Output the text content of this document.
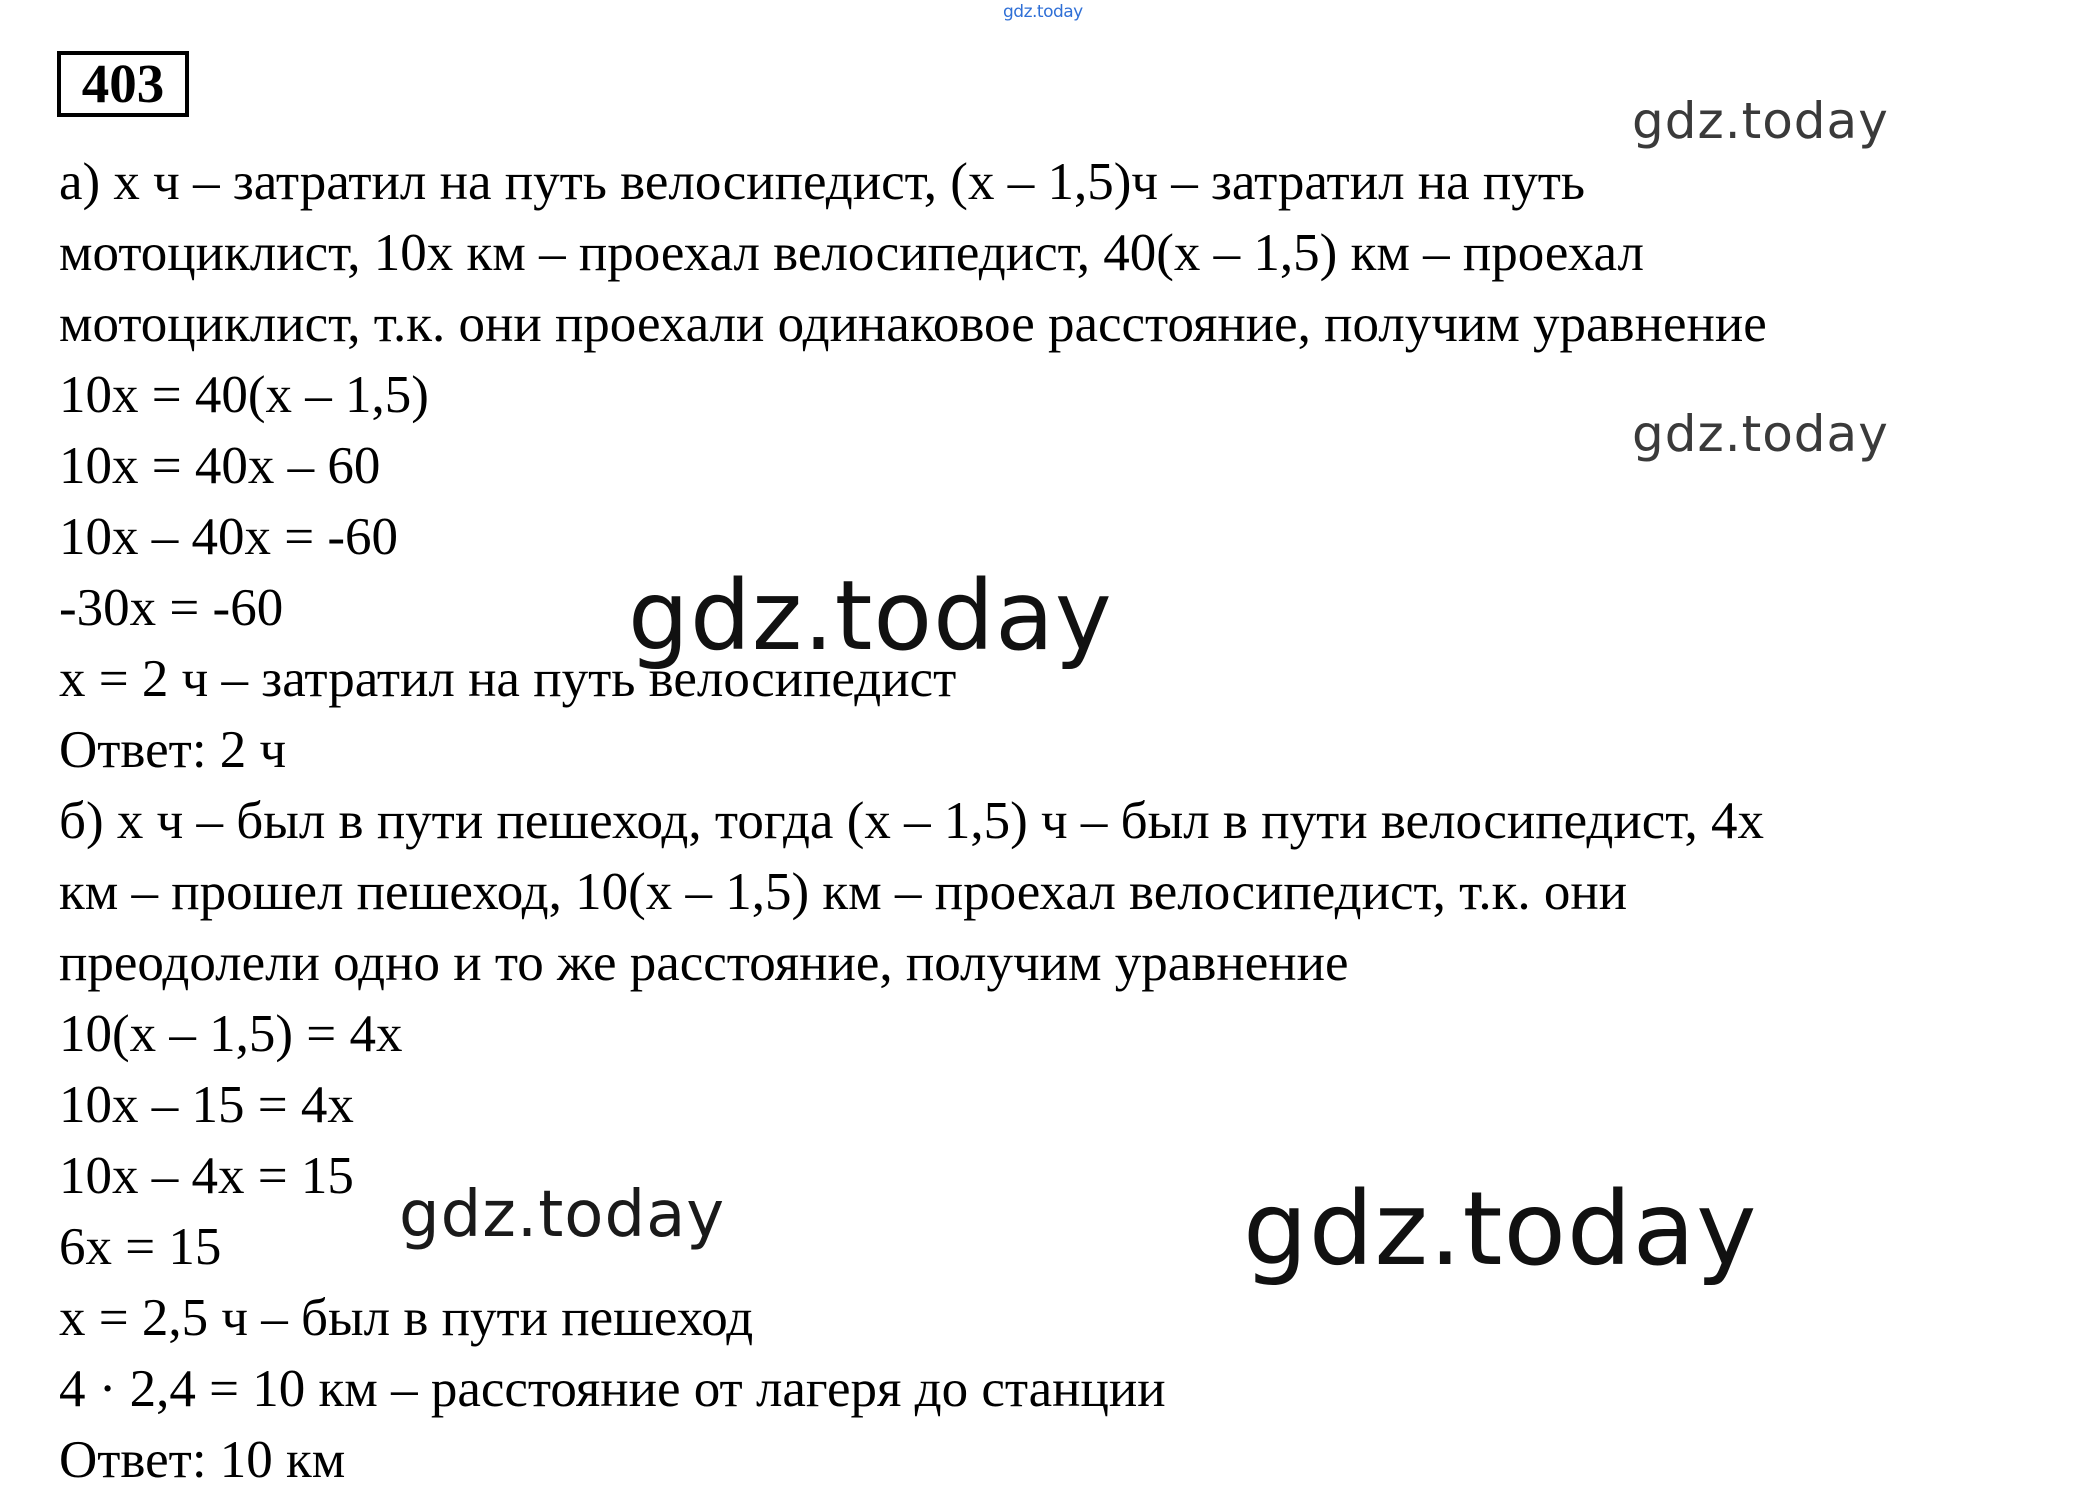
gdz.today
403
а) х ч – затратил на путь велосипедист, (х – 1,5)ч – затратил на путь
мотоциклист, 10х км – проехал велосипедист, 40(х – 1,5) км – проехал
мотоциклист, т.к. они проехали одинаковое расстояние, получим уравнение
10х = 40(х – 1,5)
10х = 40х – 60
10х – 40х = -60
-30х = -60
х = 2 ч – затратил на путь велосипедист
Ответ: 2 ч
б) х ч – был в пути пешеход, тогда (х – 1,5) ч – был в пути велосипедист, 4х
км – прошел пешеход, 10(х – 1,5) км – проехал велосипедист, т.к. они
преодолели одно и то же расстояние, получим уравнение
10(х – 1,5) = 4х
10х – 15 = 4х
10х – 4х = 15
6х = 15
х = 2,5 ч – был в пути пешеход
4 · 2,4 = 10 км – расстояние от лагеря до станции
Ответ: 10 км
gdz.today
gdz.today
gdz.today
gdz.today	gdz.today
